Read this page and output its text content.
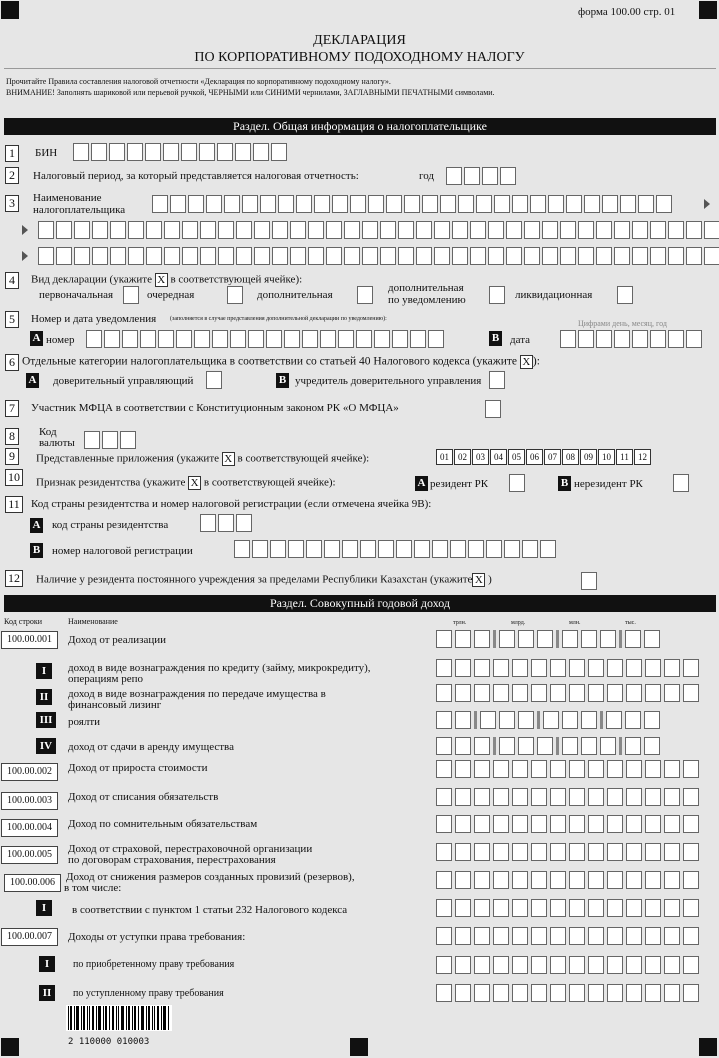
форма 100.00 стр. 01
ДЕКЛАРАЦИЯ
ПО КОРПОРАТИВНОМУ ПОДОХОДНОМУ НАЛОГУ
Прочитайте Правила составления налоговой отчетности «Декларация по корпоративному подоходному налогу».
ВНИМАНИЕ! Заполнять шариковой или перьевой ручкой, ЧЕРНЫМИ или СИНИМИ чернилами, ЗАГЛАВНЫМИ ПЕЧАТНЫМИ символами.
Раздел. Общая информация о налогоплательщике
1	БИН
2	Налоговый период, за который представляется налоговая отчетность:	год
3	Наименование
налогоплательщика
4	Вид декларации (укажите X в соответствующей ячейке):
первоначальная	очередная	дополнительная
дополнительная
по уведомлению	ликвидационная
5	Номер и дата уведомления (заполняется в случае представления дополнительной декларации по уведомлению):	Цифрами день, месяц, год
A номер	B дата
6 Отдельные категории налогоплательщика в соответствии со статьей 40 Налогового кодекса (укажите X ):
A доверительный управляющий	B учредитель доверительного управления
7	Участник МФЦА в соответствии с Конституционным законом РК «О МФЦА»
8	Код
валюты
9	Представленные приложения (укажите X в соответствующей ячейке):	01 02 03 04 05 06 07 08 09 10 11 12
10 Признак резидентства (укажите X в соответствующей ячейке):	A резидент РК	B нерезидент РК
11 Код страны резидентства и номер налоговой регистрации (если отмечена ячейка 9B):
A код страны резидентства
B номер налоговой регистрации
12 Наличие у резидента постоянного учреждения за пределами Республики Казахстан (укажите X )
Раздел. Совокупный годовой доход
Код строки	Наименование	трлн.	млрд.	млн.	тыс.
100.00.001	Доход от реализации
I	доход в виде вознаграждения по кредиту (займу, микрокредиту),
операциям репо
II	доход в виде вознаграждения по передаче имущества в
финансовый лизинг
III	роялти
IV	доход от сдачи в аренду имущества
100.00.002	Доход от прироста стоимости
100.00.003	Доход от списания обязательств
100.00.004	Доход по сомнительным обязательствам
100.00.005	Доход от страховой, перестраховочной организации
по договорам страхования, перестрахования
100.00.006	Доход от снижения размеров созданных провизий (резервов),
в том числе:
I	в соответствии с пунктом 1 статьи 232 Налогового кодекса
100.00.007	Доходы от уступки права требования:
I	по приобретенному праву требования
II	по уступленному праву требования
2 110000 010003
